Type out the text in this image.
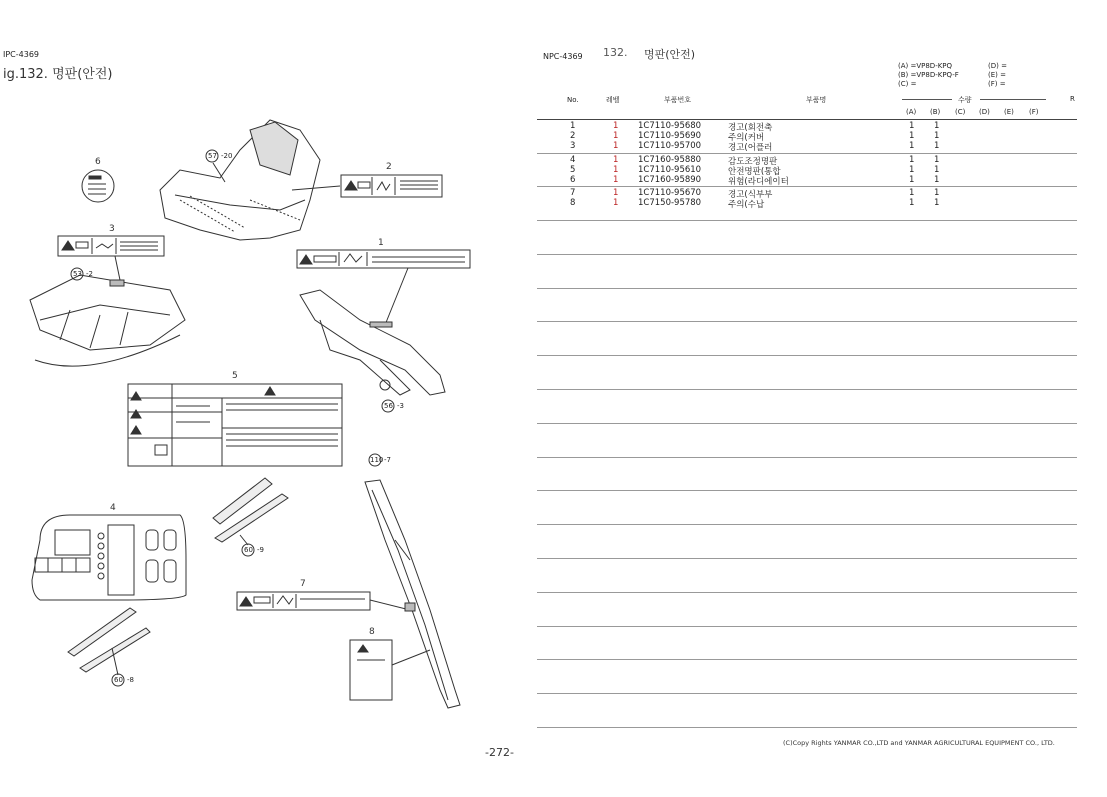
IPC-4369
ig.132. 명판(안전)
6
57 -20
2
3
1
53 -2
5
56 -3
110 -7
4
60 -9
7
8
60 -8
NPC-4369 132. 명판(안전)
(A) =VP8D-KPQ
(B) =VP8D-KPQ-F
(C) =
(D) =
(E) =
(F) =
No.	레벨	부품번호	부품명	수량	R
(A) (B) (C) (D) (E) (F)
1	1 1C7110-95680	경고(회전축	1 1
2	1 1C7110-95690	주의(커버	1 1
3	1 1C7110-95700	경고(어플러	1 1
4	1 1C7160-95880	감도조정명판	1 1
5	1 1C7110-95610	안전명판(통합	1 1
6	1 1C7160-95890	위험(라디에이터	1 1
7	1 1C7110-95670	경고(식부부	1 1
8	1 1C7150-95780	주의(수납	1 1
(C)Copy Rights YANMAR CO.,LTD and YANMAR AGRICULTURAL EQUIPMENT CO., LTD.
-272-
